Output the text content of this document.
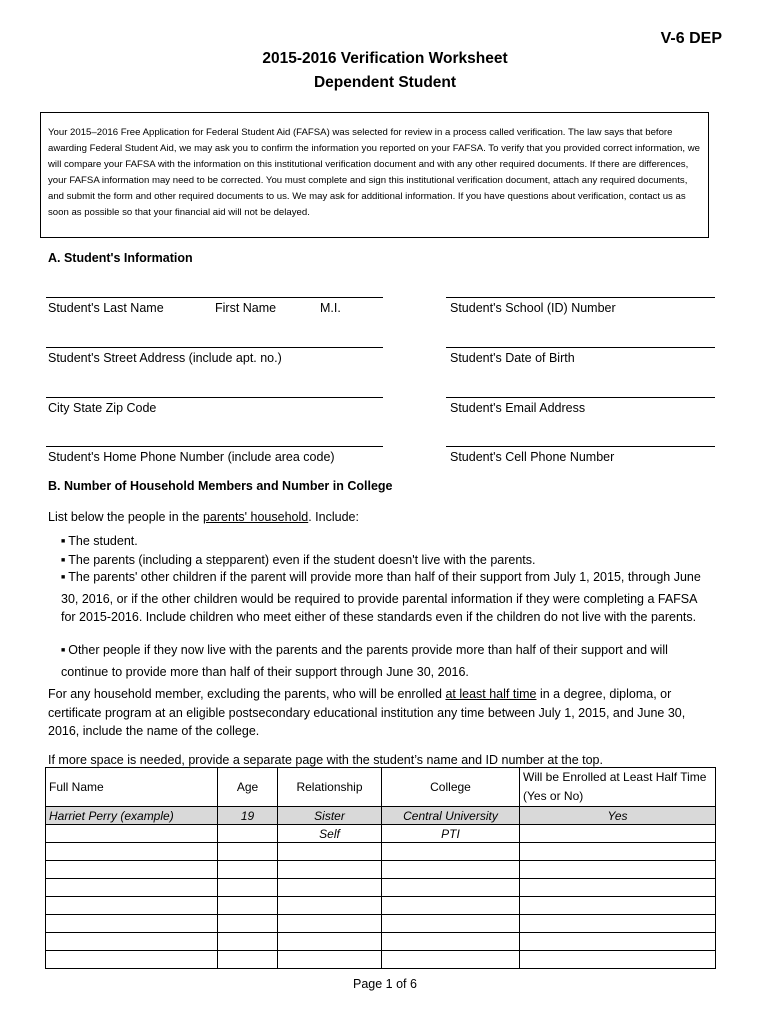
V-6 DEP
2015-2016 Verification Worksheet
Dependent Student
Your 2015–2016 Free Application for Federal Student Aid (FAFSA) was selected for review in a process called verification. The law says that before awarding Federal Student Aid, we may ask you to confirm the information you reported on your FAFSA. To verify that you provided correct information, we will compare your FAFSA with the information on this institutional verification document and with any other required documents. If there are differences, your FAFSA information may need to be corrected. You must complete and sign this institutional verification document, attach any required documents, and submit the form and other required documents to us. We may ask for additional information. If you have questions about verification, contact us as soon as possible so that your financial aid will not be delayed.
A. Student's Information
Student's Last Name	First Name	M.I.	Student's School (ID) Number
Student's Street Address (include apt. no.)	Student's Date of Birth
City State Zip Code	Student's Email Address
Student's Home Phone Number (include area code)	Student's Cell Phone Number
B. Number of Household Members and Number in College
List below the people in the parents' household. Include:
■ The student.
■ The parents (including a stepparent) even if the student doesn't live with the parents.
■ The parents' other children if the parent will provide more than half of their support from July 1, 2015, through June 30, 2016, or if the other children would be required to provide parental information if they were completing a FAFSA for 2015-2016. Include children who meet either of these standards even if the children do not live with the parents.
■ Other people if they now live with the parents and the parents provide more than half of their support and will continue to provide more than half of their support through June 30, 2016.
For any household member, excluding the parents, who will be enrolled at least half time in a degree, diploma, or certificate program at an eligible postsecondary educational institution any time between July 1, 2015, and June 30, 2016, include the name of the college.
If more space is needed, provide a separate page with the student’s name and ID number at the top.
Full Name	Age	Relationship	College	Will be Enrolled at Least Half Time (Yes or No)
Harriet Perry (example)	19	Sister	Central University	Yes
		Self	PTI	

Page 1 of 6
